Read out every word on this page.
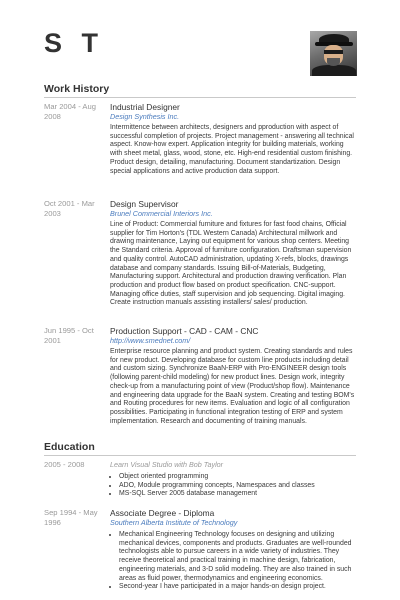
S T
Work History
Mar 2004 - Aug 2008
Industrial Designer
Design Synthesis Inc.
Intermittence between architects, designers and pproduction with aspect of successful completion of projects. Project management - answering all technical aspect. Know-how expert. Application integrity for building materials, working with sheet metal, glass, wood, stone, etc. High-end residential custom finishing. Product design, detailing, manufacturing. Document standartization. Design special applications and active production data support.
Oct 2001 - Mar 2003
Design Supervisor
Brunel Commercial Interiors Inc.
Line of Product: Commercial furniture and fixtures for fast food chains, Official supplier for Tim Horton's (TDL Western Canada) Architectural millwork and drawing maintenance, Laying out equipment for various shop centers. Meeting the Standard criteria. Approval of furniture configuration. Draftsman supervision and quality control. AutoCAD administration, updating X-refs, blocks, drawings database and company standards. Issuing Bill-of-Materials, Budgeting, Manufacturing support. Architectural and production drawing verification. Plan production and product flow based on product specification. CNC-support. Managing office duties, staff supervision and job sequencing. Digital imaging. Create instruction manuals assisting installers/ sales/ production.
Jun 1995 - Oct 2001
Production Support - CAD - CAM - CNC
http://www.smednet.com/
Enterprise resource planning and product system. Creating standards and rules for new product. Developing database for custom line products including detail and custom sizing. Synchronize BaaN-ERP with Pro-ENGINEER design tools (following parent-child modeling) for new product lines. Design work, integrity check-up from a manufacturing point of view (Product/shop flow). Maintenance and engineering data upgrade for the BaaN system. Creating and testing BOM's and Routing procedures for new items. Evaluation and logic of all configuration possibilities. Participating in functional integration testing of ERP and system implementation. Research and documenting of training manuals.
Education
2005 - 2008	Learn Visual Studio with Bob Taylor
• Object oriented programming
• ADO, Module programming concepts, Namespaces and classes
• MS-SQL Server 2005 database management
Sep 1994 - May 1996
Associate Degree - Diploma
Southern Alberta Institute of Technology
• Mechanical Engineering Technology focuses on designing and utilizing mechanical devices, components and products. Graduates are well-rounded technologists able to pursue careers in a wide variety of industries. They receive theoretical and practical training in machine design, fabrication, engineering materials, and 3-D solid modeling. They are also trained in such areas as fluid power, thermodynamics and engineering economics.
• Second-year I have participated in a major hands-on design project.
